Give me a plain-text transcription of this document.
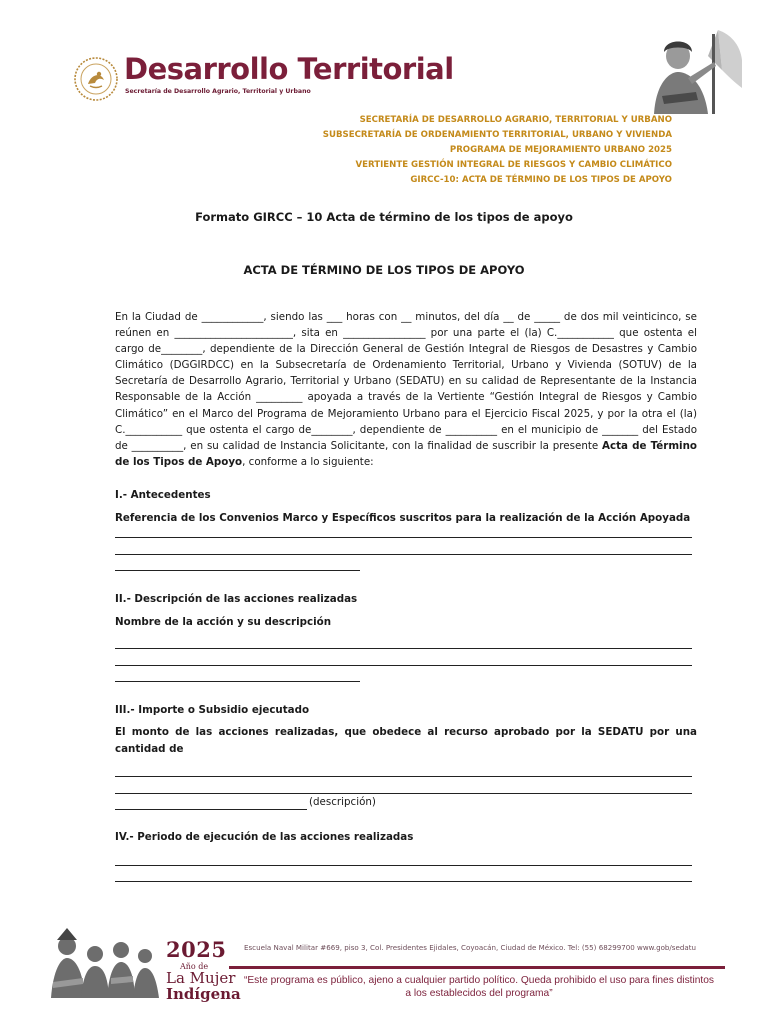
Desarrollo Territorial
Secretaría de Desarrollo Agrario, Territorial y Urbano
SECRETARÍA DE DESARROLLO AGRARIO, TERRITORIAL Y URBANO
SUBSECRETARÍA DE ORDENAMIENTO TERRITORIAL, URBANO Y VIVIENDA
PROGRAMA DE MEJORAMIENTO URBANO 2025
VERTIENTE GESTIÓN INTEGRAL DE RIESGOS Y CAMBIO CLIMÁTICO
GIRCC-10: ACTA DE TÉRMINO DE LOS TIPOS DE APOYO
Formato GIRCC – 10 Acta de término de los tipos de apoyo
ACTA DE TÉRMINO DE LOS TIPOS DE APOYO
En la Ciudad de ____________, siendo las ___ horas con __ minutos, del día __ de _____ de dos mil veinticinco, se reúnen en _______________________, sita en ________________ por una parte el (la) C.___________ que ostenta el cargo de________, dependiente de la Dirección General de Gestión Integral de Riesgos de Desastres y Cambio Climático (DGGIRDCC) en la Subsecretaría de Ordenamiento Territorial, Urbano y Vivienda (SOTUV) de la Secretaría de Desarrollo Agrario, Territorial y Urbano (SEDATU) en su calidad de Representante de la Instancia Responsable de la Acción _________ apoyada a través de la Vertiente “Gestión Integral de Riesgos y Cambio Climático” en el Marco del Programa de Mejoramiento Urbano para el Ejercicio Fiscal 2025, y por la otra el (la) C.___________ que ostenta el cargo de________, dependiente de __________ en el municipio de _______ del Estado de __________, en su calidad de Instancia Solicitante, con la finalidad de suscribir la presente Acta de Término de los Tipos de Apoyo, conforme a lo siguiente:
I.- Antecedentes
Referencia de los Convenios Marco y Específicos suscritos para la realización de la Acción Apoyada
II.- Descripción de las acciones realizadas
Nombre de la acción y su descripción
III.- Importe o Subsidio ejecutado
El monto de las acciones realizadas, que obedece al recurso aprobado por la SEDATU por una cantidad de
(descripción)
IV.- Periodo de ejecución de las acciones realizadas
2025
Año de
La Mujer
Indígena
Escuela Naval Militar #669, piso 3, Col. Presidentes Ejidales, Coyoacán, Ciudad de México. Tel: (55) 68299700 www.gob/sedatu
“Este programa es público, ajeno a cualquier partido político. Queda prohibido el uso para fines distintos a los establecidos del programa”
